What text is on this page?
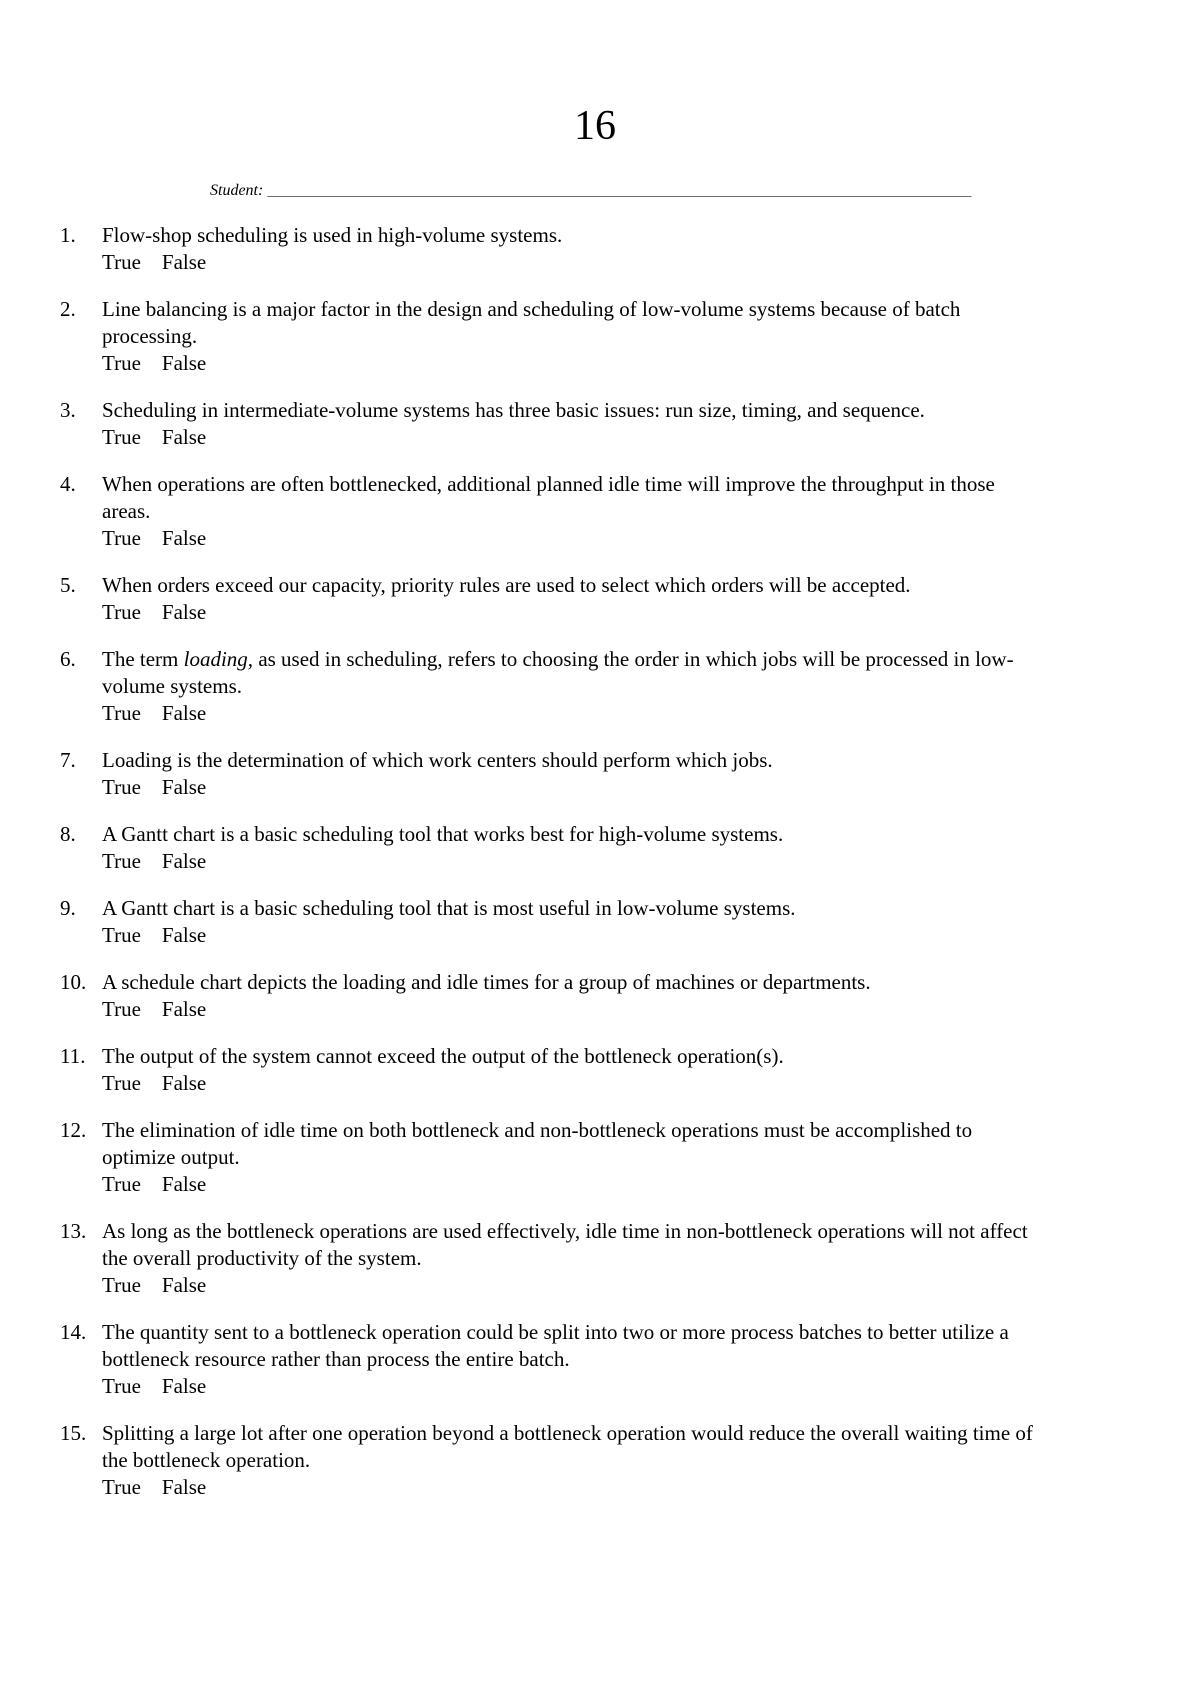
16
Student: ________________________________________________________________________________________
1.	Flow-shop scheduling is used in high-volume systems.
True False
2.	Line balancing is a major factor in the design and scheduling of low-volume systems because of batch processing.
True False
3.	Scheduling in intermediate-volume systems has three basic issues: run size, timing, and sequence.
True False
4.	When operations are often bottlenecked, additional planned idle time will improve the throughput in those areas.
True False
5.	When orders exceed our capacity, priority rules are used to select which orders will be accepted.
True False
6.	The term loading, as used in scheduling, refers to choosing the order in which jobs will be processed in low-volume systems.
True False
7.	Loading is the determination of which work centers should perform which jobs.
True False
8.	A Gantt chart is a basic scheduling tool that works best for high-volume systems.
True False
9.	A Gantt chart is a basic scheduling tool that is most useful in low-volume systems.
True False
10. A schedule chart depicts the loading and idle times for a group of machines or departments.
True False
11. The output of the system cannot exceed the output of the bottleneck operation(s).
True False
12. The elimination of idle time on both bottleneck and non-bottleneck operations must be accomplished to optimize output.
True False
13. As long as the bottleneck operations are used effectively, idle time in non-bottleneck operations will not affect the overall productivity of the system.
True False
14. The quantity sent to a bottleneck operation could be split into two or more process batches to better utilize a bottleneck resource rather than process the entire batch.
True False
15. Splitting a large lot after one operation beyond a bottleneck operation would reduce the overall waiting time of the bottleneck operation.
True False
